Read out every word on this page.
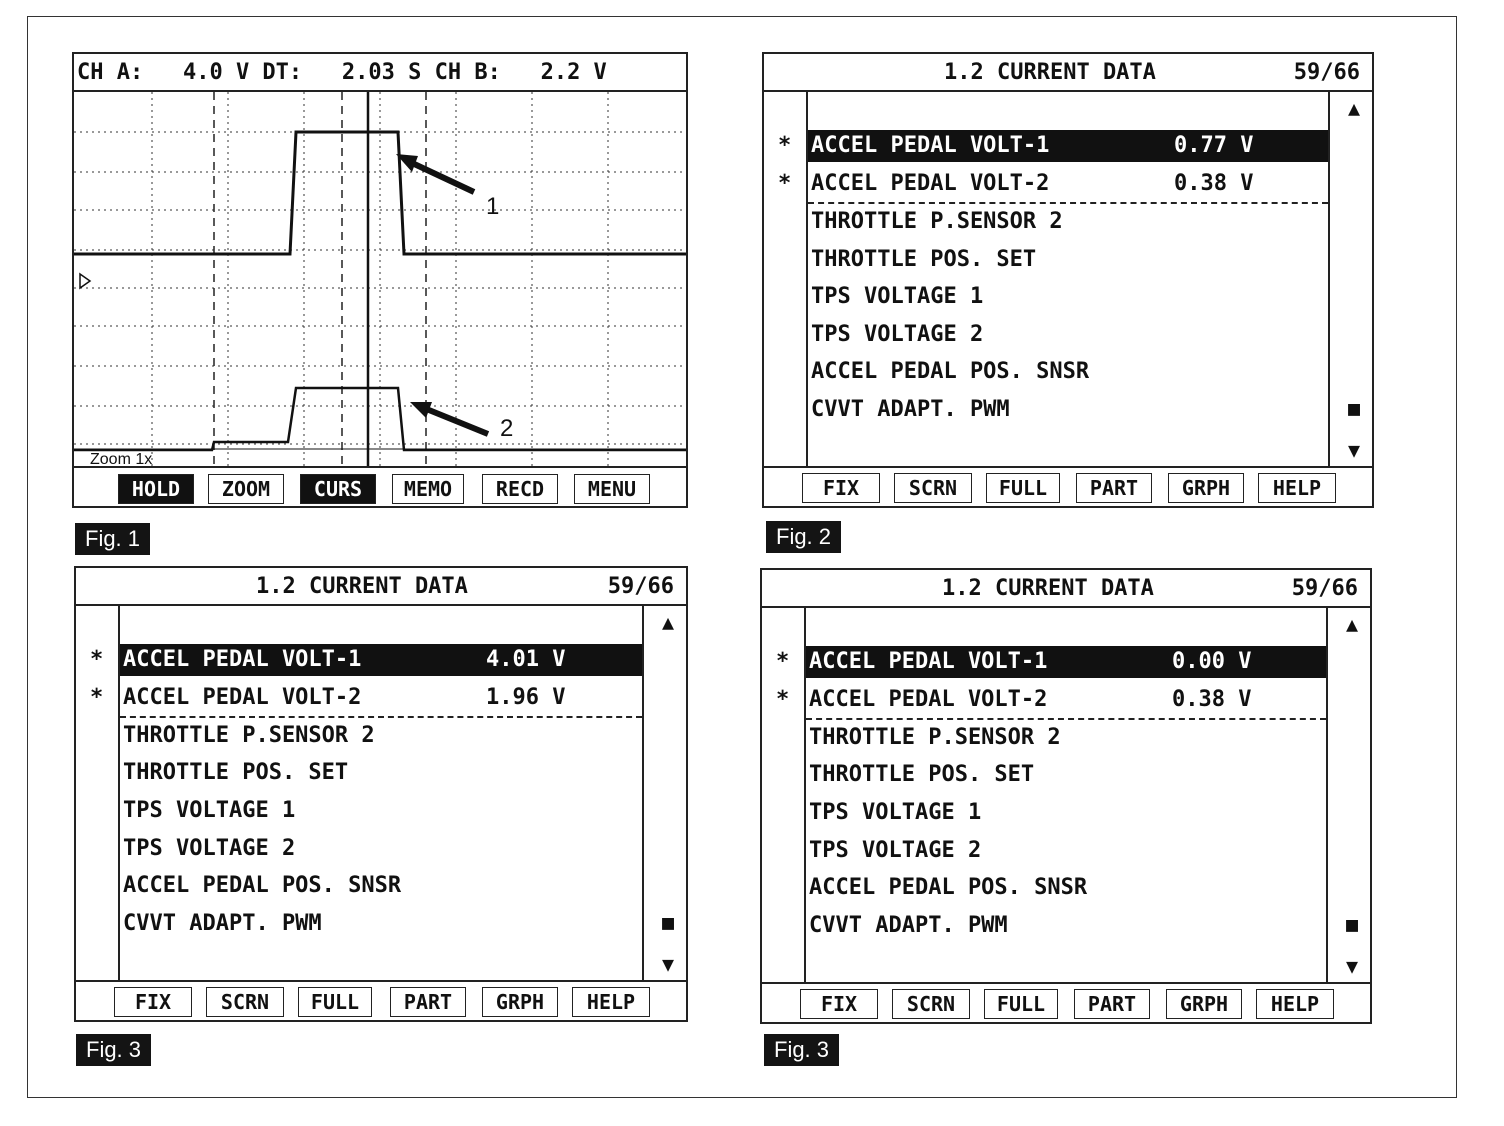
CH A:   4.0 V DT:   2.03 S CH B:   2.2 V
1
2
Zoom 1x
HOLD	ZOOM	CURS	MEMO	RECD	MENU
Fig. 1
1.2 CURRENT DATA	59/66
*
*
ACCEL PEDAL VOLT-1	0.77 V
ACCEL PEDAL VOLT-2	0.38 V
THROTTLE P.SENSOR 2
THROTTLE POS. SET
TPS VOLTAGE 1
TPS VOLTAGE 2
ACCEL PEDAL POS. SNSR
CVVT ADAPT. PWM
▲
■
▼
FIX	SCRN	FULL	PART	GRPH	HELP
Fig. 2
1.2 CURRENT DATA	59/66
*
*
ACCEL PEDAL VOLT-1	4.01 V
ACCEL PEDAL VOLT-2	1.96 V
THROTTLE P.SENSOR 2
THROTTLE POS. SET
TPS VOLTAGE 1
TPS VOLTAGE 2
ACCEL PEDAL POS. SNSR
CVVT ADAPT. PWM
▲
■
▼
FIX	SCRN	FULL	PART	GRPH	HELP
Fig. 3
1.2 CURRENT DATA	59/66
*
*
ACCEL PEDAL VOLT-1	0.00 V
ACCEL PEDAL VOLT-2	0.38 V
THROTTLE P.SENSOR 2
THROTTLE POS. SET
TPS VOLTAGE 1
TPS VOLTAGE 2
ACCEL PEDAL POS. SNSR
CVVT ADAPT. PWM
▲
■
▼
FIX	SCRN	FULL	PART	GRPH	HELP
Fig. 3
